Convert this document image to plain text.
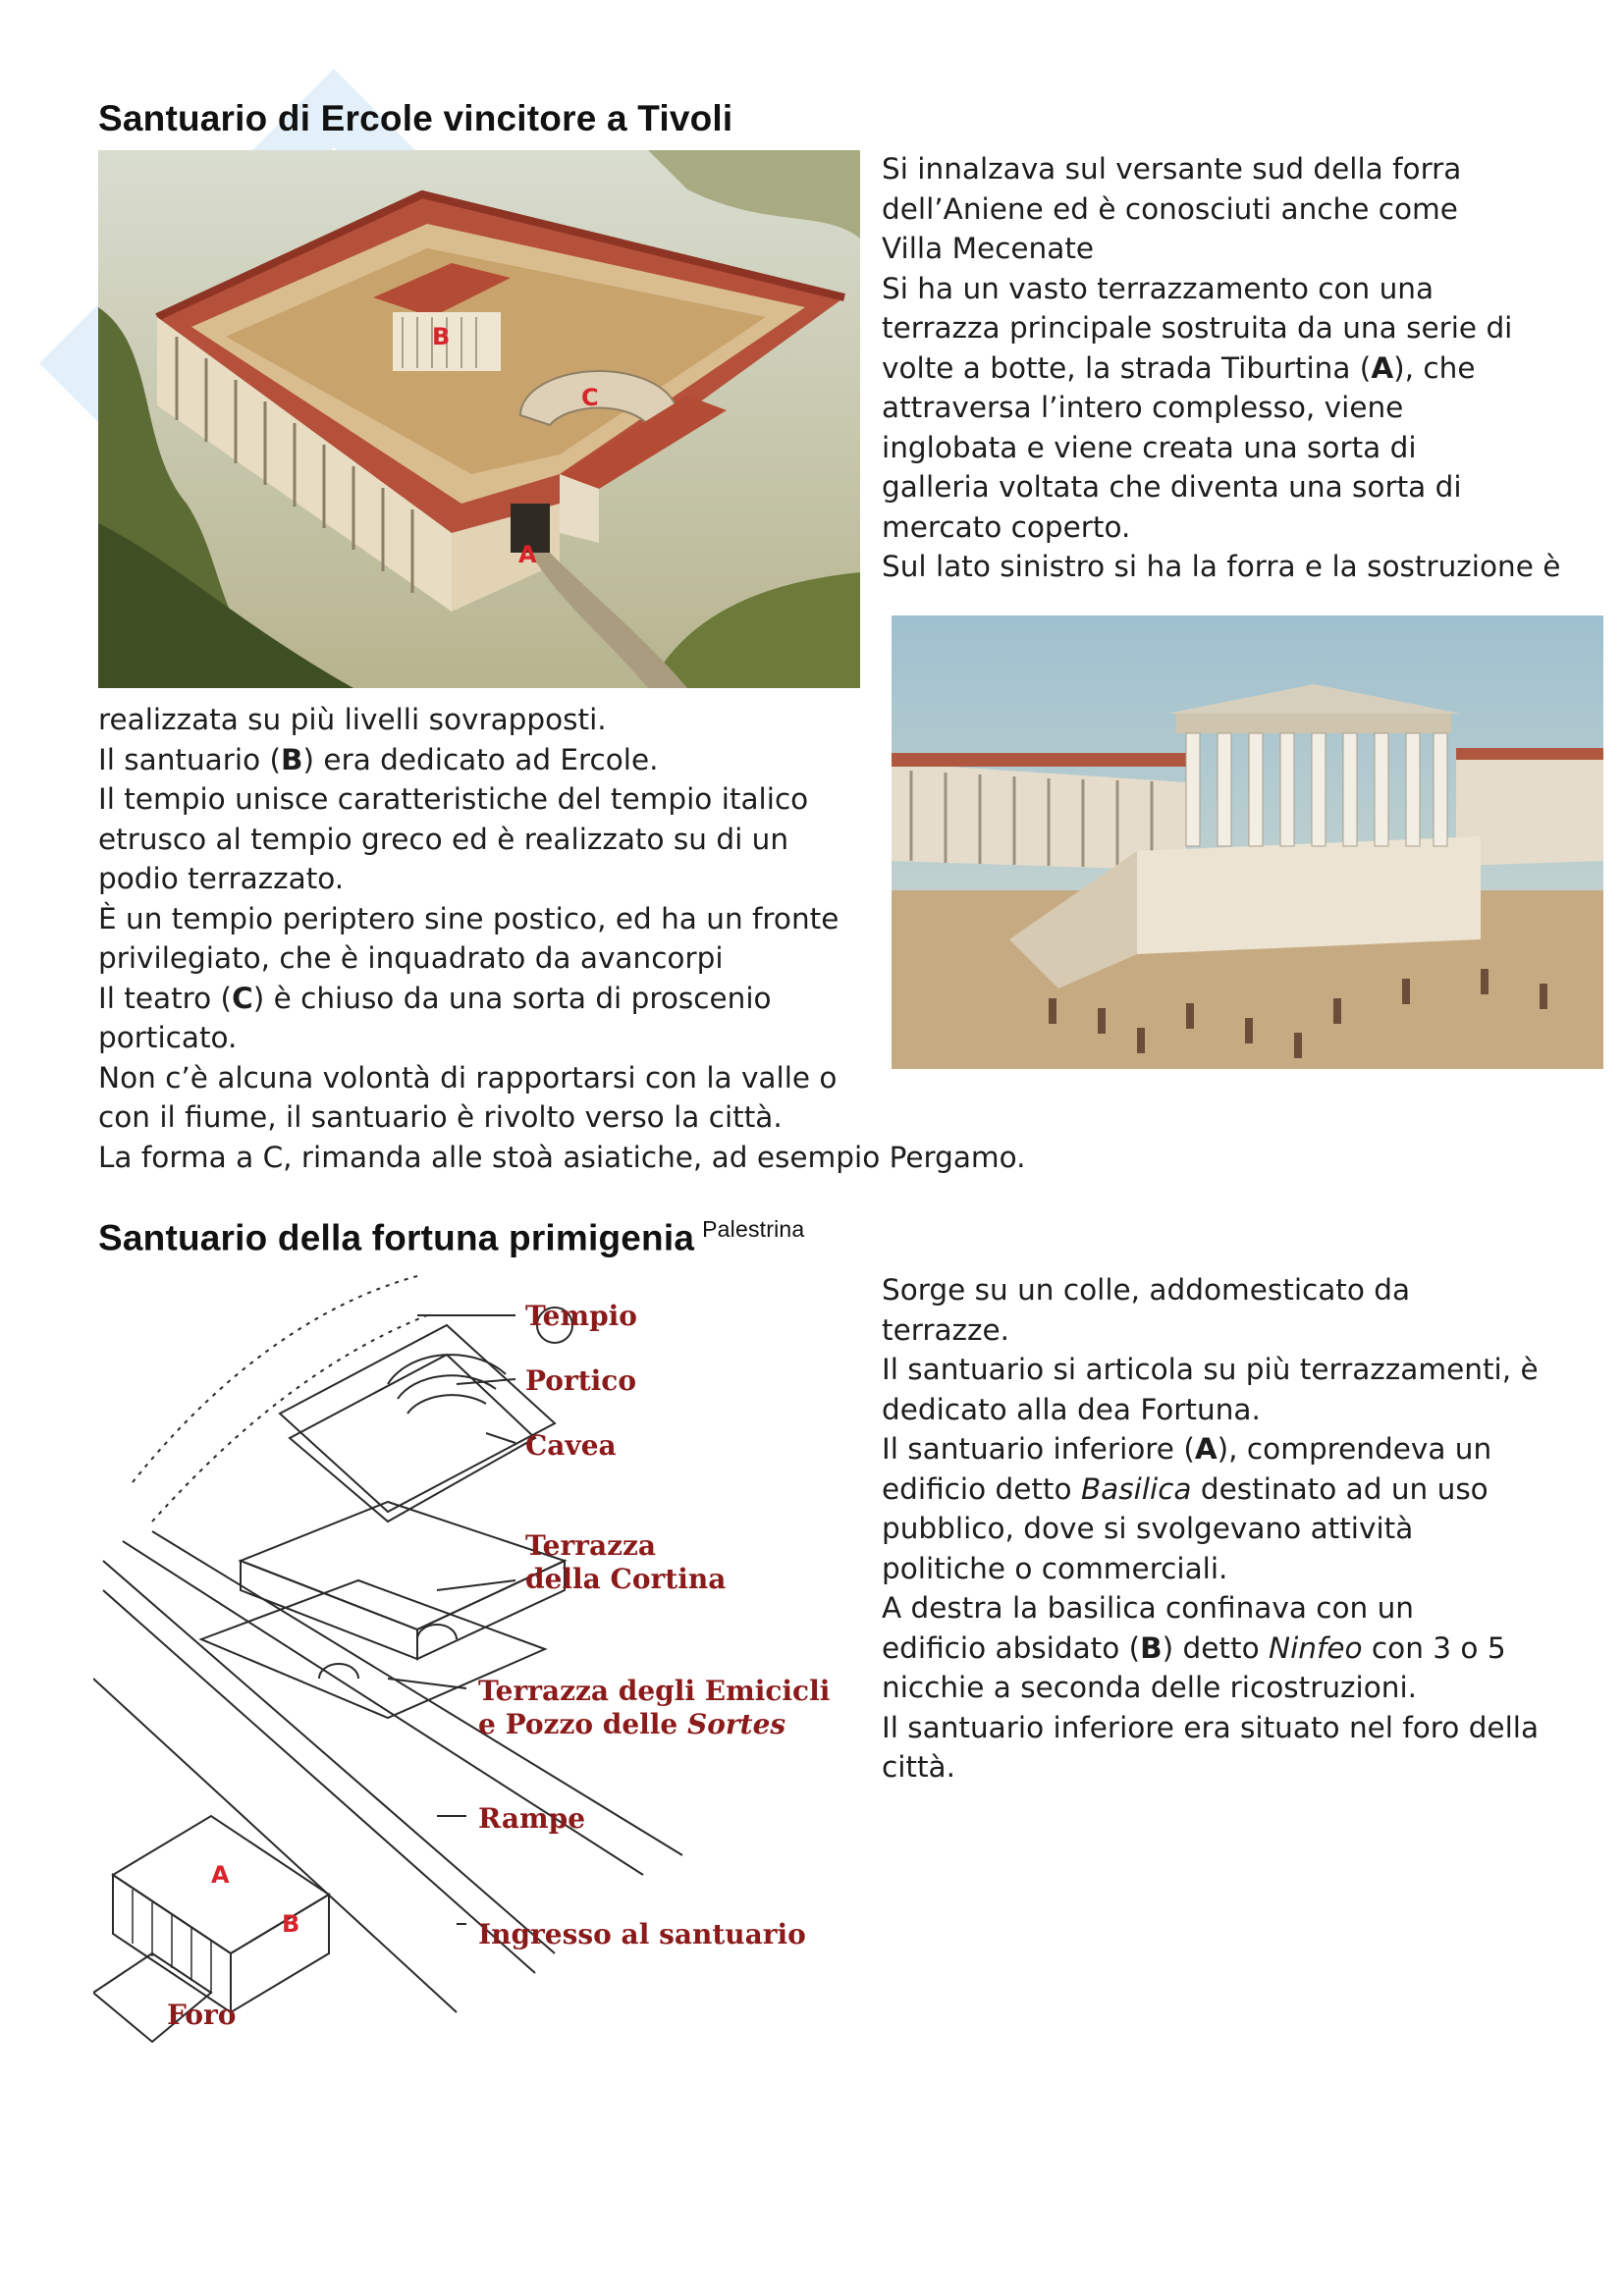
Santuario di Ercole vincitore a Tivoli
B
C
A
Si innalzava sul versante sud della forra
dell’Aniene ed è conosciuti anche come
Villa Mecenate
Si ha un vasto terrazzamento con una
terrazza principale sostruita da una serie di
volte a botte, la strada Tiburtina (A), che
attraversa l’intero complesso, viene
inglobata e viene creata una sorta di
galleria voltata che diventa una sorta di
mercato coperto.
Sul lato sinistro si ha la forra e la sostruzione è
realizzata su più livelli sovrapposti.
Il santuario (B) era dedicato ad Ercole.
Il tempio unisce caratteristiche del tempio italico
etrusco al tempio greco ed è realizzato su di un
podio terrazzato.
È un tempio periptero sine postico, ed ha un fronte
privilegiato, che è inquadrato da avancorpi
Il teatro (C) è chiuso da una sorta di proscenio
porticato.
Non c’è alcuna volontà di rapportarsi con la valle o
con il fiume, il santuario è rivolto verso la città.
La forma a C, rimanda alle stoà asiatiche, ad esempio Pergamo.
Santuario della fortuna primigenia $^{Palestrina}$
Tempio
Portico
Cavea
Terrazza
della Cortina
Terrazza degli Emicicli
e Pozzo delle Sortes
Rampe
Ingresso al santuario
Foro
A
B
Sorge su un colle, addomesticato da
terrazze.
Il santuario si articola su più terrazzamenti, è
dedicato alla dea Fortuna.
Il santuario inferiore (A), comprendeva un
edificio detto Basilica destinato ad un uso
pubblico, dove si svolgevano attività
politiche o commerciali.
A destra la basilica confinava con un
edificio absidato (B) detto Ninfeo con 3 o 5
nicchie a seconda delle ricostruzioni.
Il santuario inferiore era situato nel foro della
città.
